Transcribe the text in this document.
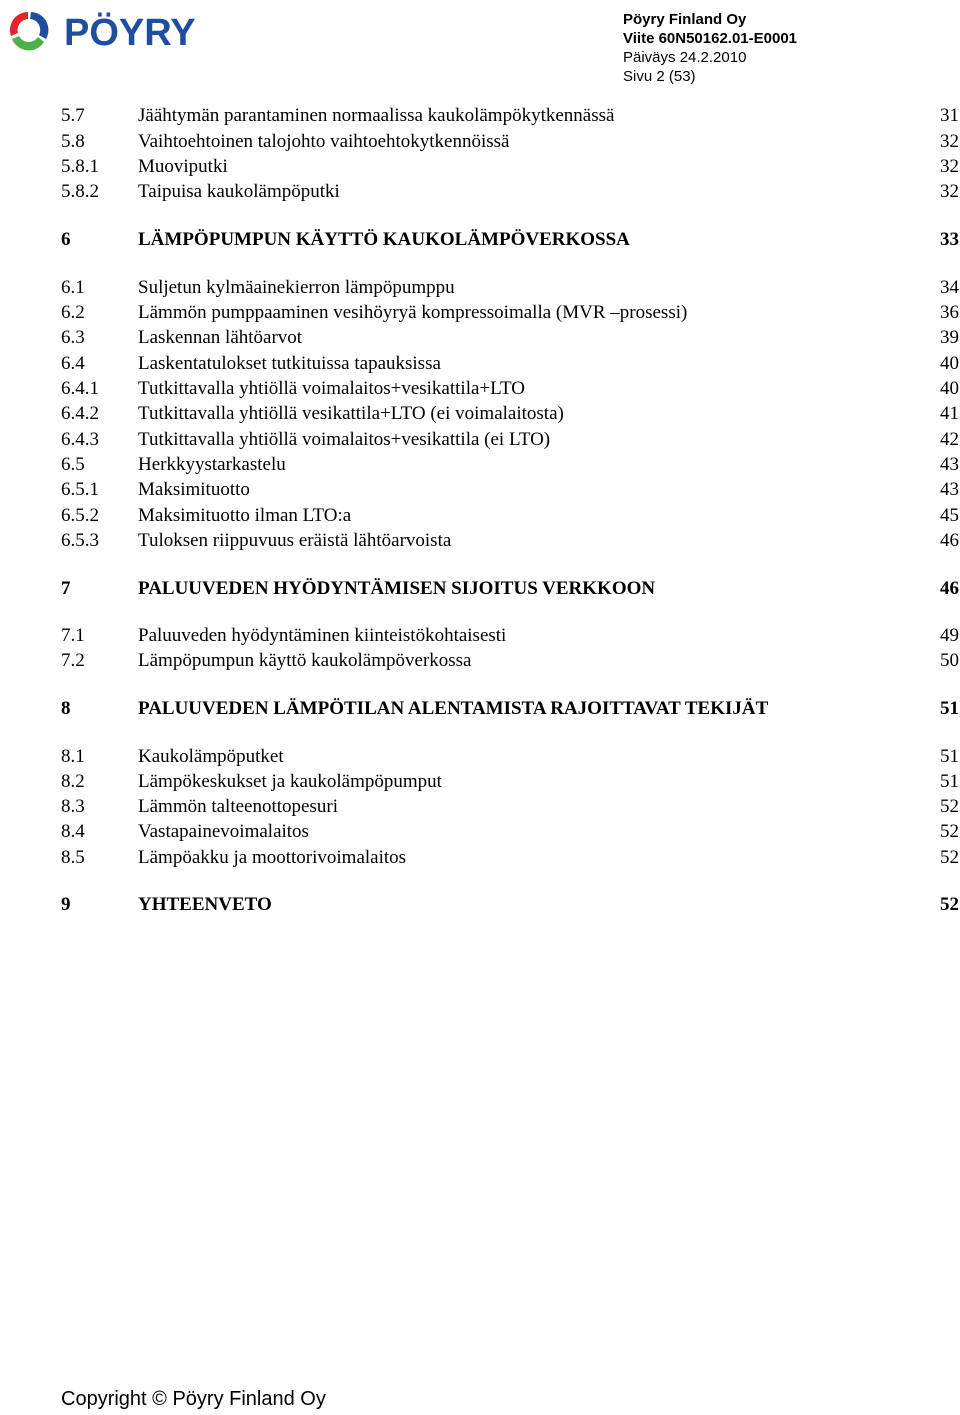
PÖYRY	Pöyry Finland Oy
Viite 60N50162.01-E0001
Päiväys 24.2.2010
Sivu 2 (53)
5.7	Jäähtymän parantaminen normaalissa kaukolämpökytkennässä	31
5.8	Vaihtoehtoinen talojohto vaihtoehtokytkennöissä	32
5.8.1 Muoviputki	32
5.8.2 Taipuisa kaukolämpöputki	32
6	LÄMPÖPUMPUN KÄYTTÖ KAUKOLÄMPÖVERKOSSA	33
6.1	Suljetun kylmäainekierron lämpöpumppu	34
6.2	Lämmön pumppaaminen vesihöyryä kompressoimalla (MVR –prosessi)	36
6.3	Laskennan lähtöarvot	39
6.4	Laskentatulokset tutkituissa tapauksissa	40
6.4.1 Tutkittavalla yhtiöllä voimalaitos+vesikattila+LTO	40
6.4.2 Tutkittavalla yhtiöllä vesikattila+LTO (ei voimalaitosta)	41
6.4.3 Tutkittavalla yhtiöllä voimalaitos+vesikattila (ei LTO)	42
6.5	Herkkyystarkastelu	43
6.5.1 Maksimituotto	43
6.5.2 Maksimituotto ilman LTO:a	45
6.5.3 Tuloksen riippuvuus eräistä lähtöarvoista	46
7	PALUUVEDEN HYÖDYNTÄMISEN SIJOITUS VERKKOON	46
7.1	Paluuveden hyödyntäminen kiinteistökohtaisesti	49
7.2	Lämpöpumpun käyttö kaukolämpöverkossa	50
8	PALUUVEDEN LÄMPÖTILAN ALENTAMISTA RAJOITTAVAT TEKIJÄT	51
8.1	Kaukolämpöputket	51
8.2	Lämpökeskukset ja kaukolämpöpumput	51
8.3	Lämmön talteenottopesuri	52
8.4	Vastapainevoimalaitos	52
8.5	Lämpöakku ja moottorivoimalaitos	52
9	YHTEENVETO	52
Copyright © Pöyry Finland Oy
